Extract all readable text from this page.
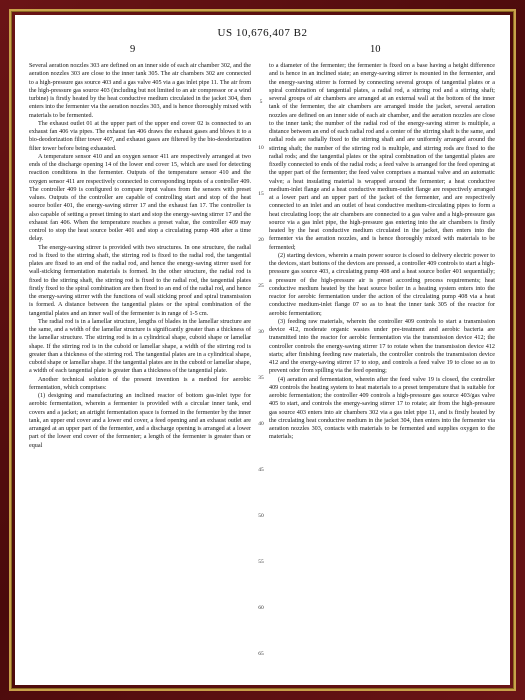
US 10,676,407 B2
9	10

Several aeration nozzles 303 are defined on an inner side of each air chamber 302, and the aeration nozzles 303 are close to the inner tank 305. The air chambers 302 are connected to a high-pressure gas source 403 and a gas valve 405 via a gas inlet pipe 11. The air from the high-pressure gas source 403 (including but not limited to an air compressor or a wind turbine) is firstly heated by the heat conductive medium circulated in the jacket 304, then enters into the fermenter via the aeration nozzles 303, and is hence thoroughly mixed with materials to be fermented.

The exhaust outlet 01 at the upper part of the upper end cover 02 is connected to an exhaust fan 406 via pipes. The exhaust fan 406 draws the exhaust gases and blows it to a bio-deodorization filter tower 407, and exhaust gases are filtered by the bio-deodorization filter tower before being exhausted.

A temperature sensor 410 and an oxygen sensor 411 are respectively arranged at two ends of the discharge opening 14 of the lower end cover 15, which are used for detecting reaction conditions in the fermenter. Outputs of the temperature sensor 410 and the oxygen sensor 411 are respectively connected to corresponding inputs of a controller 409. The controller 409 is configured to compare input values from the sensors with preset values. Outputs of the controller are capable of controlling start and stop of the heat source boiler 401, the energy-saving stirrer 17 and the exhaust fan 17. The controller is also capable of setting a preset timing to start and stop the energy-saving stirrer 17 and the exhaust fan 406. When the temperature reaches a preset value, the controller 409 may control to stop the heat source boiler 401 and stop a circulating pump 408 after a time delay.

The energy-saving stirrer is provided with two structures. In one structure, the radial rod is fixed to the stirring shaft, the stirring rod is fixed to the radial rod, the tangential plates are fixed to an end of the radial rod, and hence the energy-saving stirrer used for wall-sticking fermentation materials is formed. In the other structure, the radial rod is fixed to the stirring shaft, the stirring rod is fixed to the radial rod, the tangential plates firstly fixed to the spiral combination are then fixed to an end of the radial rod, and hence the energy-saving stirrer with the functions of wall sticking proof and spiral transmission is formed. A distance between the tangential plates or the spiral combination of the tangential plates and an inner wall of the fermenter is in range of 1-5 cm.

The radial rod is in a lamellar structure, lengths of blades in the lamellar structure are the same, and a width of the lamellar structure is significantly greater than a thickness of the lamellar structure. The stirring rod is in a cylindrical shape, cuboid shape or lamellar shape. If the stirring rod is in the cuboid or lamellar shape, a width of the stirring rod is greater than a thickness of the stirring rod. The tangential plates are in a cylindrical shape, cuboid shape or lamellar shape. If the tangential plates are in the cuboid or lamellar shape, a width of each tangential plate is greater than a thickness of the tangential plate.

Another technical solution of the present invention is a method for aerobic fermentation, which comprises:

(1) designing and manufacturing an inclined reactor of bottom gas-inlet type for aerobic fermentation, wherein a fermenter is provided with a circular inner tank, end covers and a jacket; an airtight fermentation space is formed in the fermenter by the inner tank, an upper end cover and a lower end cover, a feed opening and an exhaust outlet are arranged at an upper part of the fermenter, and a discharge opening is arranged at a lower part of the lower end cover of the fermenter; a length of the fermenter is greater than or equal

5
10
15
20
25
30
35
40
45
50
55
60
65

to a diameter of the fermenter; the fermenter is fixed on a base having a height difference and is hence in an inclined state; an energy-saving stirrer is mounted in the fermenter, and the energy-saving stirrer is formed by connecting several groups of tangential plates or a spiral combination of tangential plates, a radial rod, a stirring rod and a stirring shaft; several groups of air chambers are arranged at an external wall at the bottom of the inner tank of the fermenter, the air chambers are arranged inside the jacket, several aeration nozzles are defined on an inner side of each air chamber, and the aeration nozzles are close to the inner tank; the number of the radial rod of the energy-saving stirrer is multiple, a distance between an end of each radial rod and a center of the stirring shaft is the same, and radial rods are radially fixed to the stirring shaft and are uniformly arranged around the stirring shaft; the number of the stirring rod is multiple, and stirring rods are fixed to the radial rods; and the tangential plates or the spiral combination of the tangential plates are fixedly connected to ends of the radial rods; a feed valve is arranged for the feed opening at the upper part of the fermenter; the feed valve comprises a manual valve and an automatic valve; a heat insulating material is wrapped around the fermenter; a heat conductive medium-inlet flange and a heat conductive medium-outlet flange are respectively arranged at a lower part and an upper part of the jacket of the fermenter, and are respectively connected to an inlet and an outlet of heat conductive medium-circulating pipes to form a heat circulating loop; the air chambers are connected to a gas valve and a high-pressure gas source via a gas inlet pipe, the high-pressure gas entering into the air chambers is firstly heated by the heat conductive medium circulated in the jacket, then enters into the fermenter via the aeration nozzles, and is hence thoroughly mixed with materials to be fermented;

(2) starting devices, wherein a main power source is closed to delivery electric power to the devices, start buttons of the devices are pressed, a controller 409 controls to start a high-pressure gas source 403, a circulating pump 408 and a heat source boiler 401 sequentially; a pressure of the high-pressure air is preset according process requirements; heat conductive medium heated by the heat source boiler in a heating system enters into the reactor for aerobic fermentation under the action of the circulating pump 408 via a heat conductive medium-inlet flange 07 so as to heat the inner tank 305 of the reactor for aerobic fermentation;

(3) feeding raw materials, wherein the controller 409 controls to start a transmission device 412, moderate organic wastes under pre-treatment and aerobic bacteria are transmitted into the reactor for aerobic fermentation via the transmission device 412; the controller controls the energy-saving stirrer 17 to rotate when the transmission device 412 starts; after finishing feeding raw materials, the controller controls the transmission device 412 and the energy-saving stirrer 17 to stop, and controls a feed valve 19 to close so as to prevent odor from spilling via the feed opening;

(4) aeration and fermentation, wherein after the feed valve 19 is closed, the controller 409 controls the heating system to heat materials to a preset temperature that is suitable for aerobic fermentation; the controller 409 controls a high-pressure gas source 403/gas valve 405 to start, and controls the energy-saving stirrer 17 to rotate; air from the high-pressure gas source 403 enters into air chambers 302 via a gas inlet pipe 11, and is firstly heated by the circulating heat conductive medium in the jacket 304, then enters into the fermenter via aeration nozzles 303, contacts with materials to be fermented and supplies oxygen to the materials;
